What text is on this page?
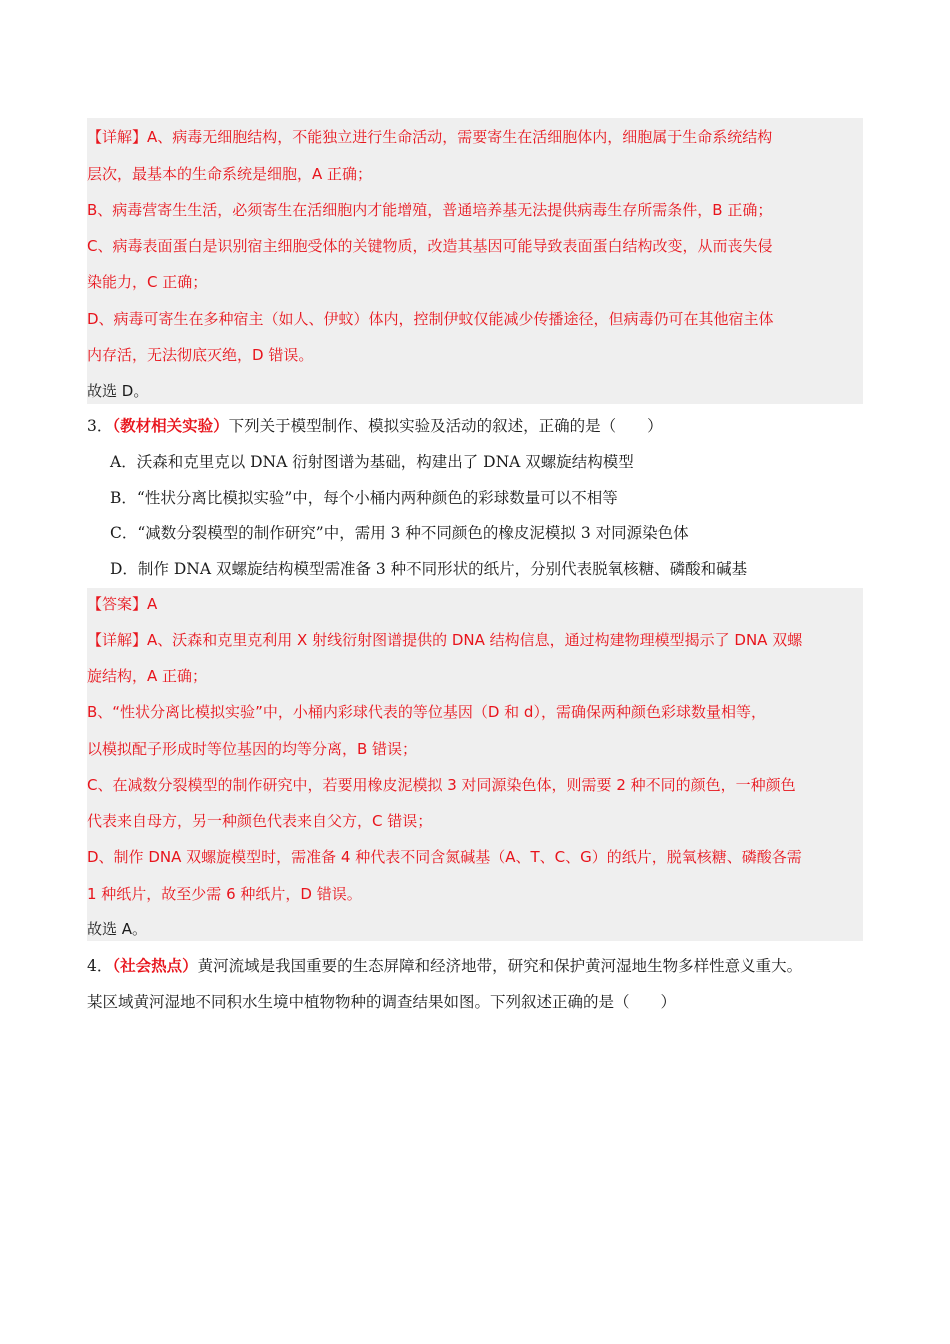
【详解】A、病毒无细胞结构，不能独立进行生命活动，需要寄生在活细胞体内，细胞属于生命系统结构
层次，最基本的生命系统是细胞，A 正确；
B、病毒营寄生生活，必须寄生在活细胞内才能增殖，普通培养基无法提供病毒生存所需条件，B 正确；
C、病毒表面蛋白是识别宿主细胞受体的关键物质，改造其基因可能导致表面蛋白结构改变，从而丧失侵
染能力，C 正确；
D、病毒可寄生在多种宿主（如人、伊蚊）体内，控制伊蚊仅能减少传播途径，但病毒仍可在其他宿主体
内存活，无法彻底灭绝，D 错误。
故选 D。
3．（教材相关实验）下列关于模型制作、模拟实验及活动的叙述，正确的是（　　）
A．沃森和克里克以 DNA 衍射图谱为基础，构建出了 DNA 双螺旋结构模型
B．“性状分离比模拟实验”中，每个小桶内两种颜色的彩球数量可以不相等
C．“减数分裂模型的制作研究”中，需用 3 种不同颜色的橡皮泥模拟 3 对同源染色体
D．制作 DNA 双螺旋结构模型需准备 3 种不同形状的纸片，分别代表脱氧核糖、磷酸和碱基
【答案】A
【详解】A、沃森和克里克利用 X 射线衍射图谱提供的 DNA 结构信息，通过构建物理模型揭示了 DNA 双螺
旋结构，A 正确；
B、“性状分离比模拟实验”中，小桶内彩球代表的等位基因（D 和 d），需确保两种颜色彩球数量相等，
以模拟配子形成时等位基因的均等分离，B 错误；
C、在减数分裂模型的制作研究中，若要用橡皮泥模拟 3 对同源染色体，则需要 2 种不同的颜色，一种颜色
代表来自母方，另一种颜色代表来自父方，C 错误；
D、制作 DNA 双螺旋模型时，需准备 4 种代表不同含氮碱基（A、T、C、G）的纸片，脱氧核糖、磷酸各需
1 种纸片，故至少需 6 种纸片，D 错误。
故选 A。
4．（社会热点）黄河流域是我国重要的生态屏障和经济地带，研究和保护黄河湿地生物多样性意义重大。
某区域黄河湿地不同积水生境中植物物种的调查结果如图。下列叙述正确的是（　　）
